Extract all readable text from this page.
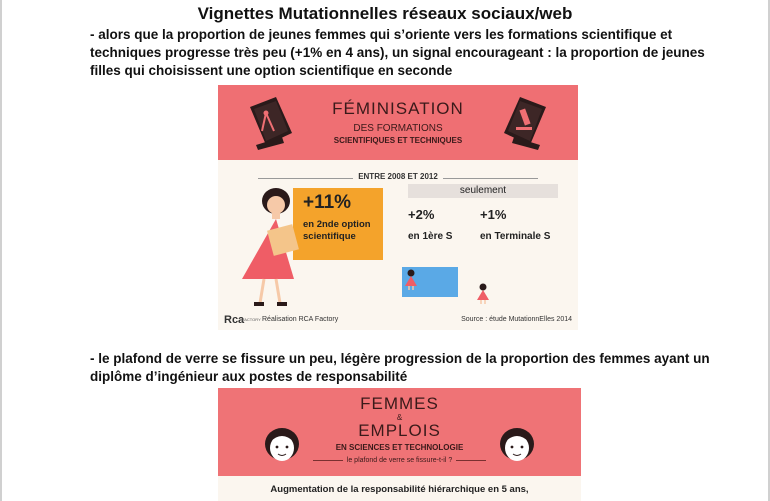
Vignettes Mutationnelles réseaux sociaux/web
- alors que la proportion de jeunes femmes qui s’oriente vers les formations scientifique et techniques progresse très peu (+1% en 4 ans), un signal encourageant : la proportion de jeunes filles qui choisissent une option scientifique en seconde
FÉMINISATION
DES FORMATIONS
SCIENTIFIQUES ET TECHNIQUES
ENTRE 2008 ET 2012
+11%
en 2nde option scientifique
seulement
+2%
en 1ère S
+1%
en Terminale S
Rca
FACTORY Réalisation RCA Factory	Source : étude MutationnElles 2014
- le plafond de verre se fissure un peu, légère progression de la proportion des femmes ayant un diplôme d’ingénieur aux postes de responsabilité
FEMMES
&
EMPLOIS
EN SCIENCES ET TECHNOLOGIE
le plafond de verre se fissure-t-il ?
Augmentation de la responsabilité hiérarchique en 5 ans,
